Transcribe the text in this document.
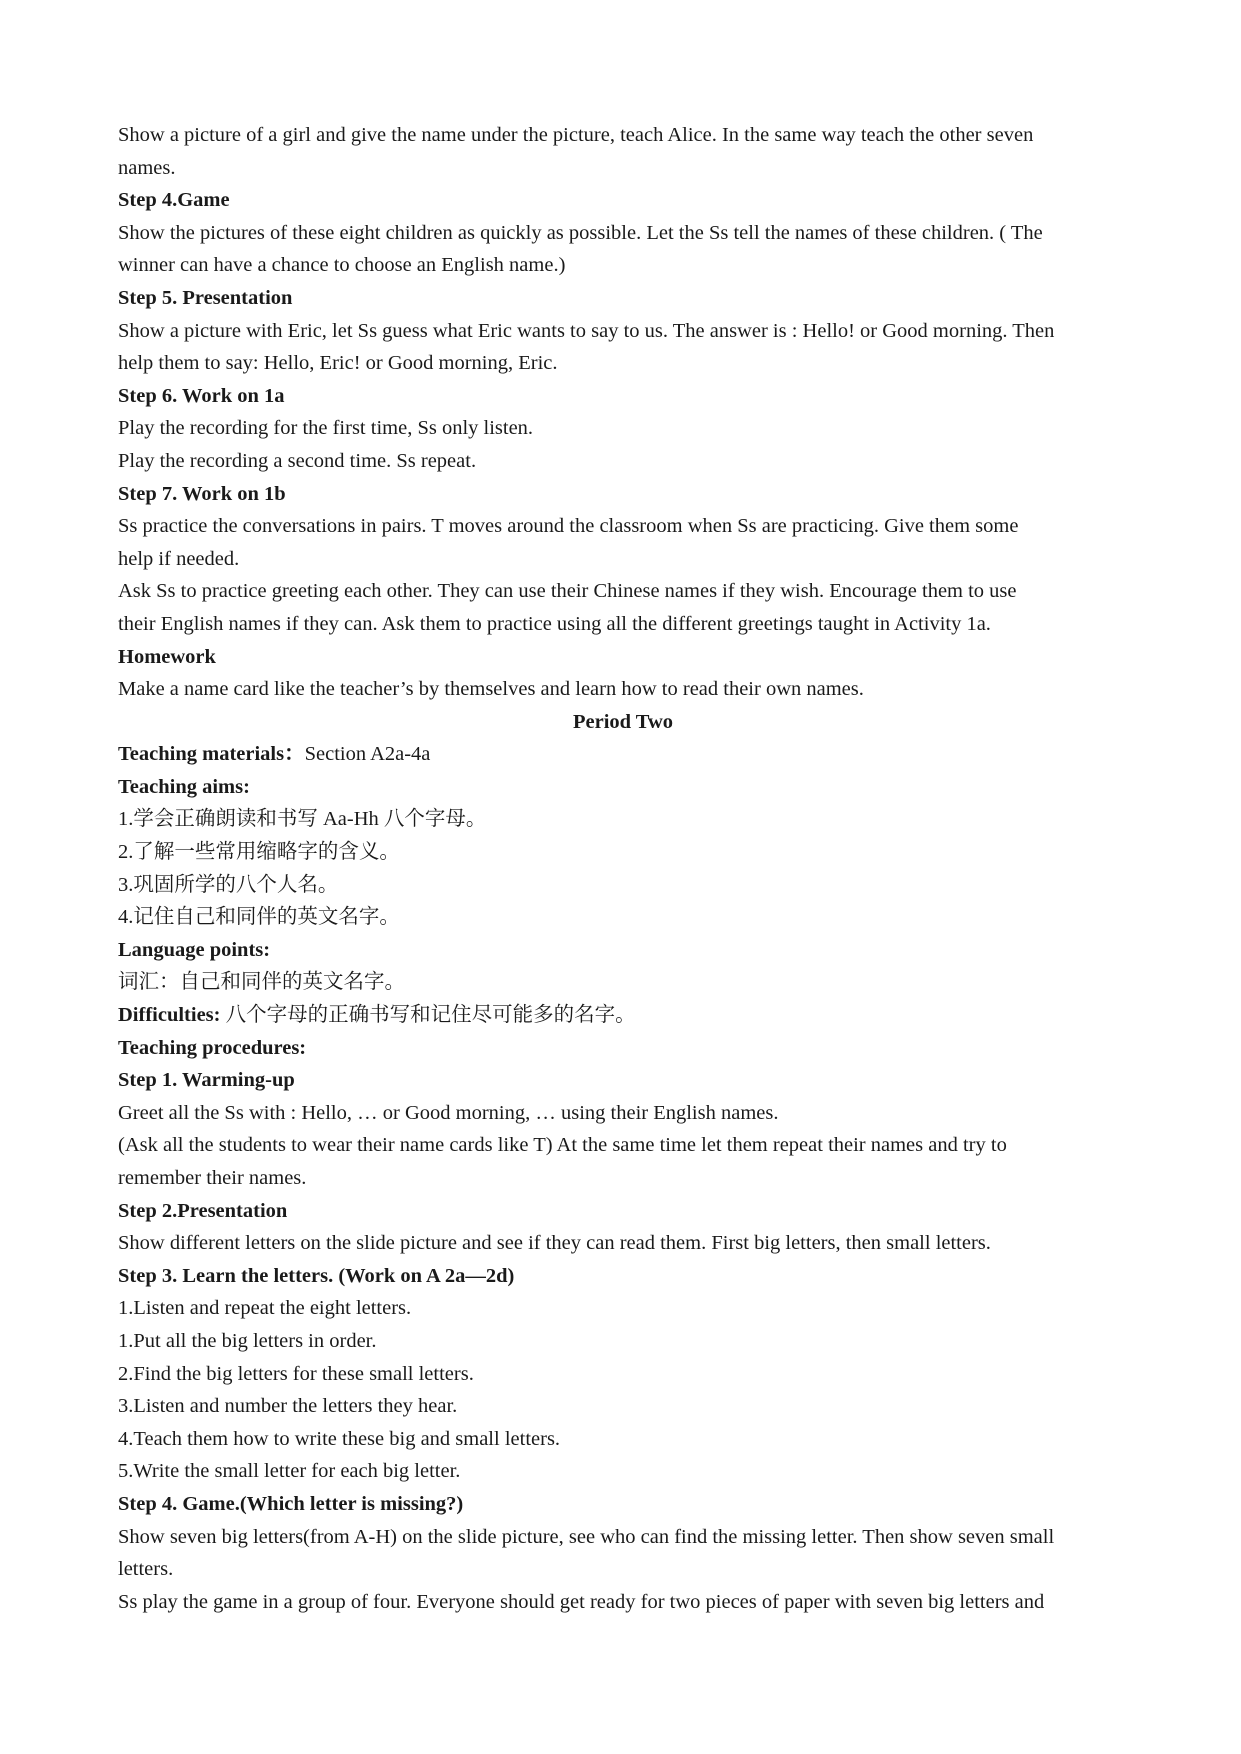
Show a picture of a girl and give the name under the picture, teach Alice. In the same way teach the other seven
names.
Step 4.Game
Show the pictures of these eight children as quickly as possible. Let the Ss tell the names of these children. ( The
winner can have a chance to choose an English name.)
Step 5. Presentation
Show a picture with Eric, let Ss guess what Eric wants to say to us. The answer is : Hello! or Good morning. Then
help them to say: Hello, Eric! or Good morning, Eric.
Step 6. Work on 1a
Play the recording for the first time, Ss only listen.
Play the recording a second time. Ss repeat.
Step 7. Work on 1b
Ss practice the conversations in pairs. T moves around the classroom when Ss are practicing. Give them some
help if needed.
Ask Ss to practice greeting each other. They can use their Chinese names if they wish. Encourage them to use
their English names if they can. Ask them to practice using all the different greetings taught in Activity 1a.
Homework
Make a name card like the teacher’s by themselves and learn how to read their own names.
Period Two
Teaching materials：Section A2a-4a
Teaching aims:
1.学会正确朗读和书写 Aa-Hh 八个字母。
2.了解一些常用缩略字的含义。
3.巩固所学的八个人名。
4.记住自己和同伴的英文名字。
Language points:
词汇：自己和同伴的英文名字。
Difficulties: 八个字母的正确书写和记住尽可能多的名字。
Teaching procedures:
Step 1. Warming-up
Greet all the Ss with : Hello, … or Good morning, … using their English names.
(Ask all the students to wear their name cards like T) At the same time let them repeat their names and try to
remember their names.
Step 2.Presentation
Show different letters on the slide picture and see if they can read them. First big letters, then small letters.
Step 3. Learn the letters. (Work on A 2a—2d)
1.Listen and repeat the eight letters.
1.Put all the big letters in order.
2.Find the big letters for these small letters.
3.Listen and number the letters they hear.
4.Teach them how to write these big and small letters.
5.Write the small letter for each big letter.
Step 4. Game.(Which letter is missing?)
Show seven big letters(from A-H) on the slide picture, see who can find the missing letter. Then show seven small
letters.
Ss play the game in a group of four. Everyone should get ready for two pieces of paper with seven big letters and
